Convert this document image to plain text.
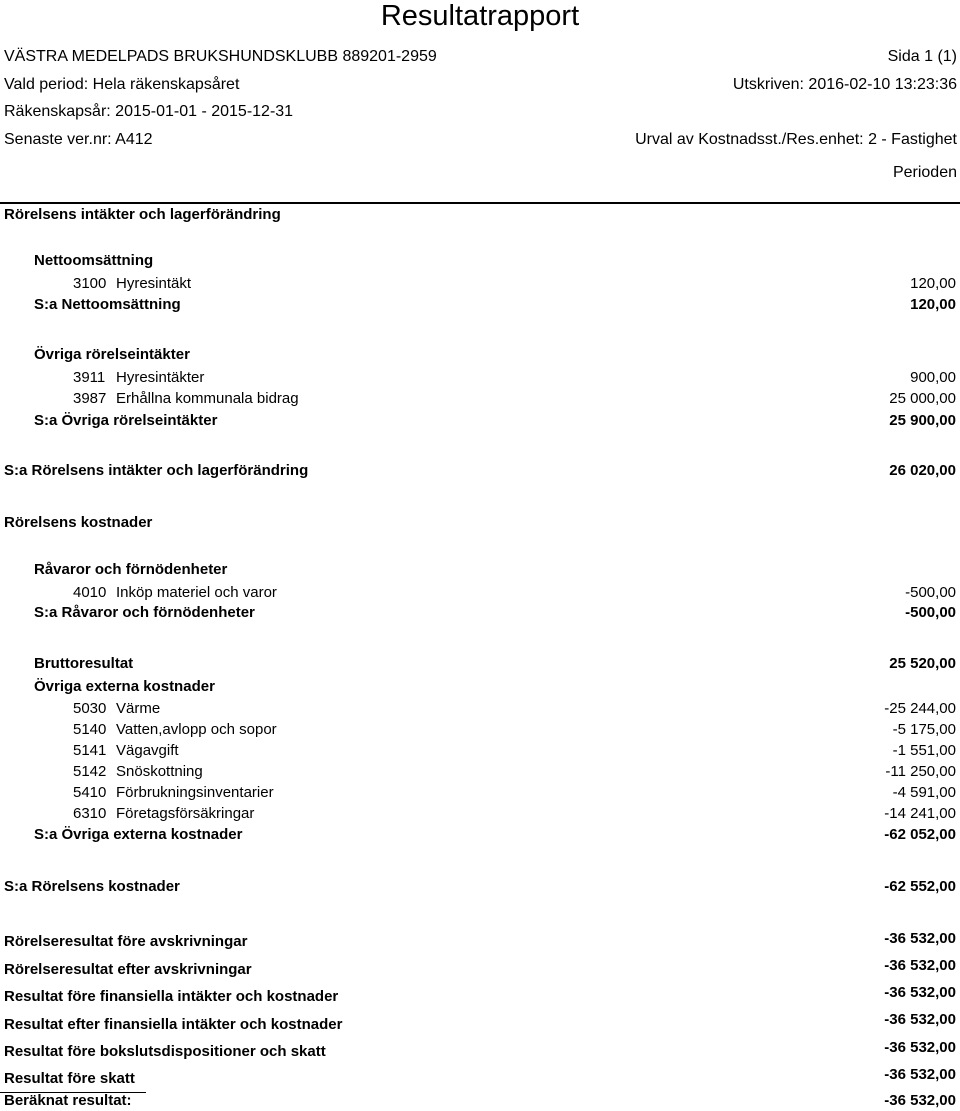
Resultatrapport
VÄSTRA MEDELPADS BRUKSHUNDSKLUBB 889201-2959	Sida 1 (1)
Vald period: Hela räkenskapsåret	Utskriven: 2016-02-10 13:23:36
Räkenskapsår: 2015-01-01 - 2015-12-31
Senaste ver.nr: A412	Urval av Kostnadsst./Res.enhet: 2 - Fastighet
Perioden
Rörelsens intäkter och lagerförändring
Nettoomsättning
3100 Hyresintäkt	120,00
S:a Nettoomsättning	120,00
Övriga rörelseintäkter
3911 Hyresintäkter	900,00
3987 Erhållna kommunala bidrag	25 000,00
S:a Övriga rörelseintäkter	25 900,00
S:a Rörelsens intäkter och lagerförändring	26 020,00
Rörelsens kostnader
Råvaror och förnödenheter
4010 Inköp materiel och varor	-500,00
S:a Råvaror och förnödenheter	-500,00
Bruttoresultat	25 520,00
Övriga externa kostnader
5030 Värme	-25 244,00
5140 Vatten,avlopp och sopor	-5 175,00
5141 Vägavgift	-1 551,00
5142 Snöskottning	-11 250,00
5410 Förbrukningsinventarier	-4 591,00
6310 Företagsförsäkringar	-14 241,00
S:a Övriga externa kostnader	-62 052,00
S:a Rörelsens kostnader	-62 552,00
Rörelseresultat före avskrivningar	-36 532,00
Rörelseresultat efter avskrivningar	-36 532,00
Resultat före finansiella intäkter och kostnader	-36 532,00
Resultat efter finansiella intäkter och kostnader	-36 532,00
Resultat före bokslutsdispositioner och skatt	-36 532,00
Resultat före skatt	-36 532,00
Beräknat resultat:	-36 532,00
